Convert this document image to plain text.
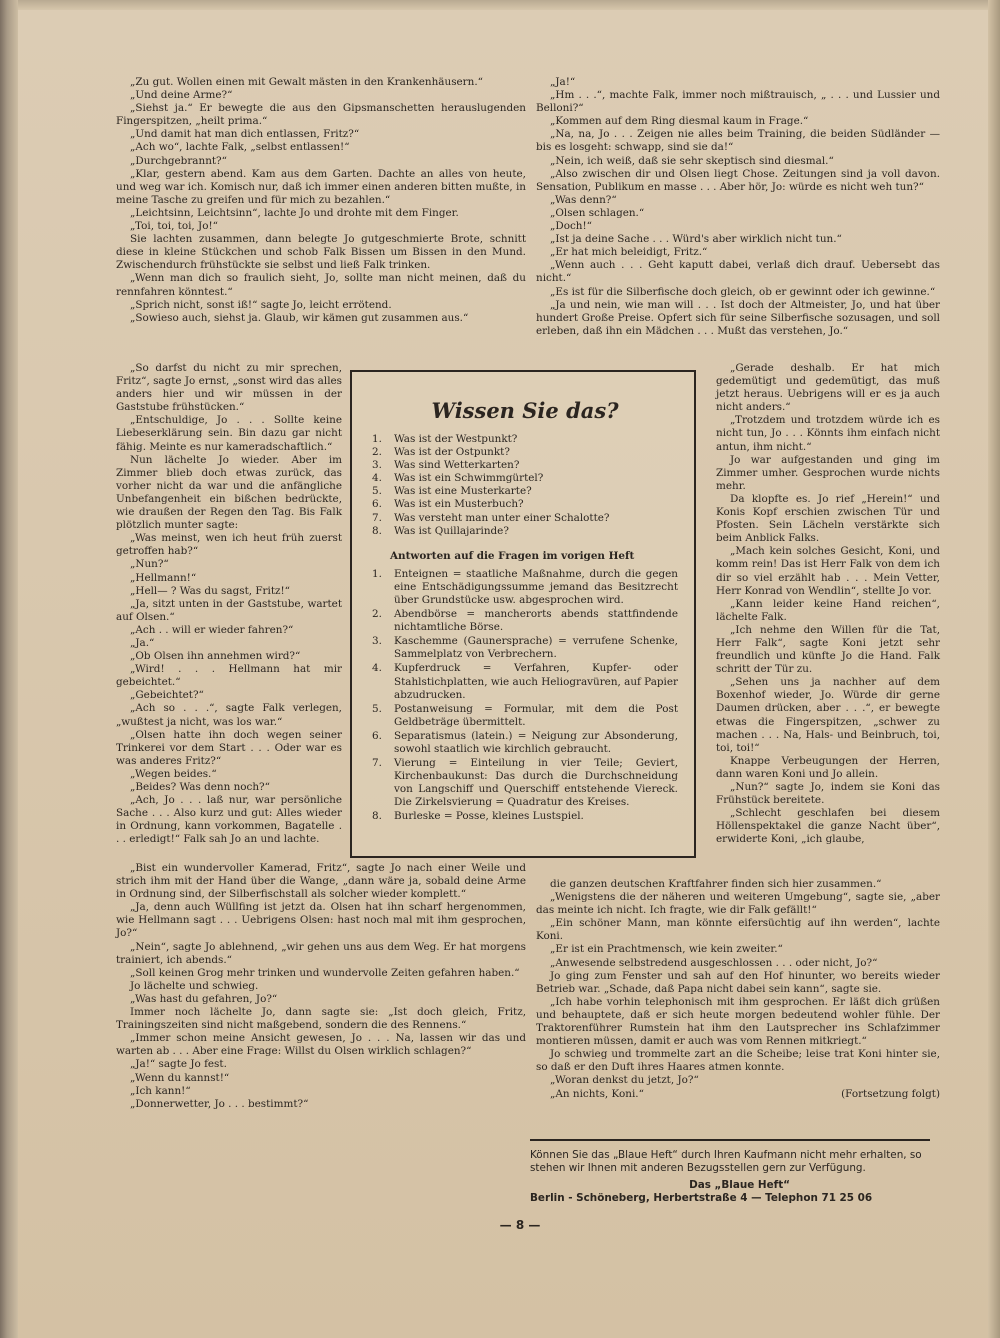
„Zu gut. Wollen einen mit Gewalt mästen in den Krankenhäusern.“

„Und deine Arme?“

„Siehst ja.“ Er bewegte die aus den Gipsmanschetten herauslugenden Fingerspitzen, „heilt prima.“

„Und damit hat man dich entlassen, Fritz?“

„Ach wo“, lachte Falk, „selbst entlassen!“

„Durchgebrannt?“

„Klar, gestern abend. Kam aus dem Garten. Dachte an alles von heute, und weg war ich. Komisch nur, daß ich immer einen anderen bitten mußte, in meine Tasche zu greifen und für mich zu bezahlen.“

„Leichtsinn, Leichtsinn“, lachte Jo und drohte mit dem Finger.

„Toi, toi, toi, Jo!“

Sie lachten zusammen, dann belegte Jo gutgeschmierte Brote, schnitt diese in kleine Stückchen und schob Falk Bissen um Bissen in den Mund. Zwischendurch frühstückte sie selbst und ließ Falk trinken.

„Wenn man dich so fraulich sieht, Jo, sollte man nicht meinen, daß du rennfahren könntest.“

„Sprich nicht, sonst iß!“ sagte Jo, leicht errötend.

„Sowieso auch, siehst ja. Glaub, wir kämen gut zusammen aus.“

„So darfst du nicht zu mir sprechen, Fritz“, sagte Jo ernst, „sonst wird das alles anders hier und wir müssen in der Gaststube frühstücken.“

„Entschuldige, Jo . . . Sollte keine Liebeserklärung sein. Bin dazu gar nicht fähig. Meinte es nur kameradschaftlich.“

Nun lächelte Jo wieder. Aber im Zimmer blieb doch etwas zurück, das vorher nicht da war und die anfängliche Unbefangenheit ein bißchen bedrückte, wie draußen der Regen den Tag. Bis Falk plötzlich munter sagte:

„Was meinst, wen ich heut früh zuerst getroffen hab?“

„Nun?“

„Hellmann!“

„Hell— ? Was du sagst, Fritz!“

„Ja, sitzt unten in der Gaststube, wartet auf Olsen.“

„Ach . . will er wieder fahren?“

„Ja.“

„Ob Olsen ihn annehmen wird?“

„Wird! . . . Hellmann hat mir gebeichtet.“

„Gebeichtet?“

„Ach so . . .“, sagte Falk verlegen, „wußtest ja nicht, was los war.“

„Olsen hatte ihn doch wegen seiner Trinkerei vor dem Start . . . Oder war es was anderes Fritz?“

„Wegen beides.“

„Beides? Was denn noch?“

„Ach, Jo . . . laß nur, war persönliche Sache . . . Also kurz und gut: Alles wieder in Ordnung, kann vorkommen, Bagatelle . . . erledigt!“ Falk sah Jo an und lachte.

„Bist ein wundervoller Kamerad, Fritz“, sagte Jo nach einer Weile und strich ihm mit der Hand über die Wange, „dann wäre ja, sobald deine Arme in Ordnung sind, der Silberfischstall als solcher wieder komplett.“

„Ja, denn auch Wüllfing ist jetzt da. Olsen hat ihn scharf hergenommen, wie Hellmann sagt . . . Uebrigens Olsen: hast noch mal mit ihm gesprochen, Jo?“

„Nein“, sagte Jo ablehnend, „wir gehen uns aus dem Weg. Er hat morgens trainiert, ich abends.“

„Soll keinen Grog mehr trinken und wundervolle Zeiten gefahren haben.“

Jo lächelte und schwieg.

„Was hast du gefahren, Jo?“

Immer noch lächelte Jo, dann sagte sie: „Ist doch gleich, Fritz, Trainingszeiten sind nicht maßgebend, sondern die des Rennens.“

„Immer schon meine Ansicht gewesen, Jo . . . Na, lassen wir das und warten ab . . . Aber eine Frage: Willst du Olsen wirklich schlagen?“

„Ja!“ sagte Jo fest.

„Wenn du kannst!“

„Ich kann!“

„Donnerwetter, Jo . . . bestimmt?“

„Ja!“

„Hm . . .“, machte Falk, immer noch mißtrauisch, „ . . . und Lussier und Belloni?“

„Kommen auf dem Ring diesmal kaum in Frage.“

„Na, na, Jo . . . Zeigen nie alles beim Training, die beiden Südländer — bis es losgeht: schwapp, sind sie da!“

„Nein, ich weiß, daß sie sehr skeptisch sind diesmal.“

„Also zwischen dir und Olsen liegt Chose. Zeitungen sind ja voll davon. Sensation, Publikum en masse . . . Aber hör, Jo: würde es nicht weh tun?“

„Was denn?“

„Olsen schlagen.“

„Doch!“

„Ist ja deine Sache . . . Würd's aber wirklich nicht tun.“

„Er hat mich beleidigt, Fritz.“

„Wenn auch . . . Geht kaputt dabei, verlaß dich drauf. Uebersebt das nicht.“

„Es ist für die Silberfische doch gleich, ob er gewinnt oder ich gewinne.“

„Ja und nein, wie man will . . . Ist doch der Altmeister, Jo, und hat über hundert Große Preise. Opfert sich für seine Silberfische sozusagen, und soll erleben, daß ihn ein Mädchen . . . Mußt das verstehen, Jo.“

„Gerade deshalb. Er hat mich gedemütigt und gedemütigt, das muß jetzt heraus. Uebrigens will er es ja auch nicht anders.“

„Trotzdem und trotzdem würde ich es nicht tun, Jo . . . Könnts ihm einfach nicht antun, ihm nicht.“

Jo war aufgestanden und ging im Zimmer umher. Gesprochen wurde nichts mehr.

Da klopfte es. Jo rief „Herein!“ und Konis Kopf erschien zwischen Tür und Pfosten. Sein Lächeln verstärkte sich beim Anblick Falks.

„Mach kein solches Gesicht, Koni, und komm rein! Das ist Herr Falk von dem ich dir so viel erzählt hab . . . Mein Vetter, Herr Konrad von Wendlin“, stellte Jo vor.

„Kann leider keine Hand reichen“, lächelte Falk.

„Ich nehme den Willen für die Tat, Herr Falk“, sagte Koni jetzt sehr freundlich und künfte Jo die Hand. Falk schritt der Tür zu.

„Sehen uns ja nachher auf dem Boxenhof wieder, Jo. Würde dir gerne Daumen drücken, aber . . .“, er bewegte etwas die Fingerspitzen, „schwer zu machen . . . Na, Hals- und Beinbruch, toi, toi, toi!“

Knappe Verbeugungen der Herren, dann waren Koni und Jo allein.

„Nun?“ sagte Jo, indem sie Koni das Frühstück bereitete.

„Schlecht geschlafen bei diesem Höllenspektakel die ganze Nacht über“, erwiderte Koni, „ich glaube,

die ganzen deutschen Kraftfahrer finden sich hier zusammen.“

„Wenigstens die der näheren und weiteren Umgebung“, sagte sie, „aber das meinte ich nicht. Ich fragte, wie dir Falk gefällt!“

„Ein schöner Mann, man könnte eifersüchtig auf ihn werden“, lachte Koni.

„Er ist ein Prachtmensch, wie kein zweiter.“

„Anwesende selbstredend ausgeschlossen . . . oder nicht, Jo?“

Jo ging zum Fenster und sah auf den Hof hinunter, wo bereits wieder Betrieb war. „Schade, daß Papa nicht dabei sein kann“, sagte sie.

„Ich habe vorhin telephonisch mit ihm gesprochen. Er läßt dich grüßen und behauptete, daß er sich heute morgen bedeutend wohler fühle. Der Traktorenführer Rumstein hat ihm den Lautsprecher ins Schlafzimmer montieren müssen, damit er auch was vom Rennen mitkriegt.“

Jo schwieg und trommelte zart an die Scheibe; leise trat Koni hinter sie, so daß er den Duft ihres Haares atmen konnte.

„Woran denkst du jetzt, Jo?“

„An nichts, Koni.“	(Fortsetzung folgt)

Wissen Sie das?
1.	Was ist der Westpunkt?
2.	Was ist der Ostpunkt?
3.	Was sind Wetterkarten?
4.	Was ist ein Schwimmgürtel?
5.	Was ist eine Musterkarte?
6.	Was ist ein Musterbuch?
7.	Was versteht man unter einer Schalotte?
8.	Was ist Quillajarinde?
Antworten auf die Fragen im vorigen Heft
1.	Enteignen = staatliche Maßnahme, durch die gegen eine Entschädigungssumme jemand das Besitzrecht über Grundstücke usw. abgesprochen wird.
2.	Abendbörse = mancherorts abends stattfindende nichtamtliche Börse.
3.	Kaschemme (Gaunersprache) = verrufene Schenke, Sammelplatz von Verbrechern.
4.	Kupferdruck = Verfahren, Kupfer- oder Stahlstichplatten, wie auch Heliogravüren, auf Papier abzudrucken.
5.	Postanweisung = Formular, mit dem die Post Geldbeträge übermittelt.
6.	Separatismus (latein.) = Neigung zur Absonderung, sowohl staatlich wie kirchlich gebraucht.
7.	Vierung = Einteilung in vier Teile; Geviert, Kirchenbaukunst: Das durch die Durchschneidung von Langschiff und Querschiff entstehende Viereck. Die Zirkelsvierung = Quadratur des Kreises.
8.	Burleske = Posse, kleines Lustspiel.

Können Sie das „Blaue Heft“ durch Ihren Kaufmann nicht mehr erhalten, so stehen wir Ihnen mit anderen Bezugsstellen gern zur Verfügung.

Das „Blaue Heft“
Berlin - Schöneberg, Herbertstraße 4 — Telephon 71 25 06
— 8 —
